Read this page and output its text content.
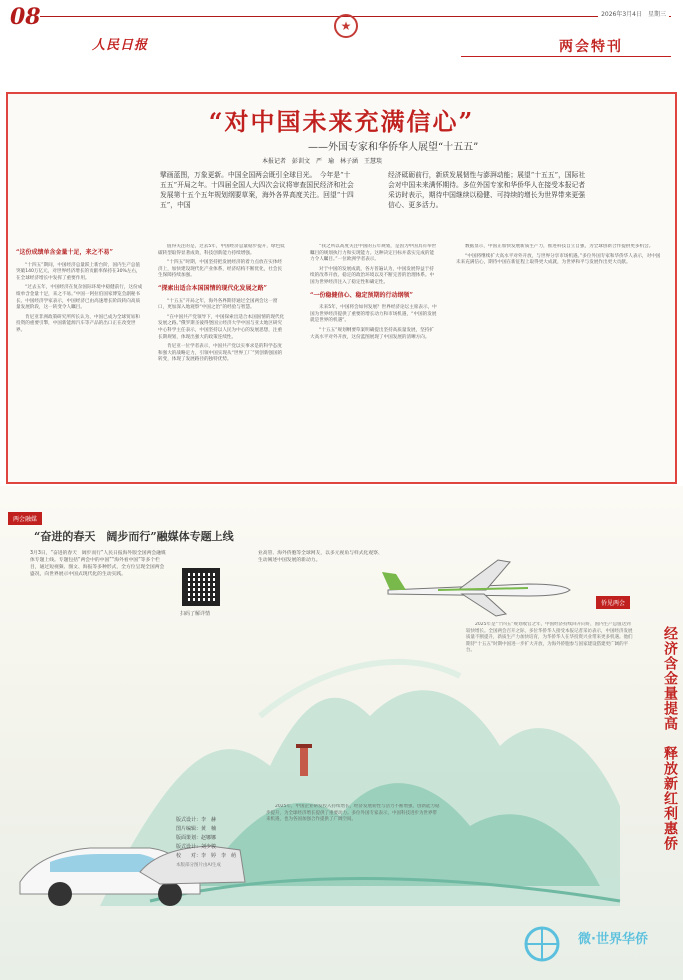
08	2026年3月4日　星期三
★
人民日报	两会特刊
“对中国未来充满信心”
——外国专家和华侨华人展望“十五五”
本报记者　彭训文　严　瑜　林子涵　王慧琰
擘画蓝图，万象更新。中国全国两会既引全球目光。　今年是“十五五”开局之年。十四届全国人大四次会议将审查国民经济和社会发展第十五个五年规划纲要草案，海外各界高度关注。回望“十四五”，中国
经济砥砺前行，新质发展韧性与澎湃动能；展望“十五五”，国际社会对中国未来满怀期待。多位外国专家和华侨华人在接受本报记者采访时表示，期待中国继续以稳健、可持续的增长为世界带来更强信心、更多活力。
“这份成绩单含金量十足，来之不易”

“十四五”期间，中国经济总量跃上新台阶，国内生产总值突破140万亿元，对世界经济增长的贡献率保持在30%左右，在全球经济增长中发挥了重要作用。

“过去五年，中国经济在复杂国际环境中稳健前行，这份成绩单含金量十足，来之不易。”中国一阿拉伯国家博览会副秘书长、中国经济学家表示，中国经济已由高速增长阶段转向高质量发展阶段，这一转变令人瞩目。

肯尼亚非洲政策研究所所长认为，中国已成为全球贸易和投资的重要引擎，中国新能源汽车等产品的出口正在改变世界。

值得关注的是，过去5年，中国经济总量稳步提升，绿色低碳转型取得显著成效，科技创新能力持续增强。

“十四五”时期，中国坚持把发展经济的着力点放在实体经济上，加快建设现代化产业体系，经济结构不断优化，社会民生保障持续加强。

“探索出适合本国国情的现代化发展之路”

“十五五”开局之年，海外各界期待通过全国两会这一窗口，更加深入地观察“中国之治”的经验与智慧。

“在中国共产党领导下，中国探索出适合本国国情的现代化发展之路。”俄罗斯圣彼得堡国立经济大学中国与亚太地区研究中心科学主任表示，中国坚持以人民为中心的发展思想，注重长期规划，体现出强大的政策连续性。

肯尼亚一位学者表示，中国共产党以实事求是的科学态度和强大的战略定力，引领中国实现从“世界工厂”到创新强国的转变，体现了发展路径的独特优势。

“我之所以高度关注中国的五年规划，是因为中国具有举世瞩目的规划执行力和实现能力。这种决定目标并落实完成的能力令人瞩目。”一位欧洲学者表示。

对于中国的发展成就，各方普遍认为，中国发展得益于持续的改革开放、稳定的政治环境以及不断完善的治理体系。中国为世界经济注入了稳定性和确定性。

“一份稳健信心、稳定预期的行动纲领”

未来5年，中国将会如何发展？世界经济论坛主席表示，中国为世界经济提供了重要的增长动力和市场机遇，“中国的发展就是世界的机遇”。

“十五五”规划纲要草案明确提出坚持高质量发展，坚持扩大高水平对外开放，这份蓝图展现了中国发展的清晰方向。

数据显示，中国正加快发展新质生产力，推进科技自立自强，为全球创新合作提供更多机会。

“中国将继续扩大高水平对外开放，与世界分享市场机遇。”多位外国专家和华侨华人表示，对中国未来充满信心，期待中国在新征程上取得更大成就，为世界和平与发展作出更大贡献。

两会融媒
“奋进的春天　阔步而行”融媒体专题上线
3月3日，“奋进的春天　阔步而行”人民日报海外版全国两会融媒体专题上线。专题包括“两会中的中国”“海外看中国”等多个栏目，通过短视频、图文、海报等多种形式，全方位呈现全国两会盛况，向世界展示中国式现代化的生动实践。
扫码了解详情
业高管、海外侨胞等全球网友，以多元视角与样式化观察、生动阐述中国发展的新动力。
版式设计：李　赫
图片编辑：黄　楠
版面策划：赵娜娜
版式设计：刘少骏
校　　对：李　婷　李　萌
本版部分图片由AI生成

2025年，中国企业研发投入持续增长，经济发展韧性与活力不断增强，创新能力稳步提升，为全球经济增长提供了重要动力。多位外国专家表示，中国科技进步为世界带来机遇，也为各国加强合作提供了广阔空间。

侨见两会
经济含金量提高　释放新红利惠侨

2025年是“十四五”规划收官之年，中国经济持续回升向好，国内生产总值达到较快增长。全国两会召开之际，多位华侨华人接受本报记者采访表示，中国经济发展质量不断提升，新质生产力加快培育，为华侨华人在华投资兴业带来更多机遇。他们期待“十五五”时期中国进一步扩大开放，为海外侨胞参与国家建设搭建更广阔的平台。

微·世界华侨
